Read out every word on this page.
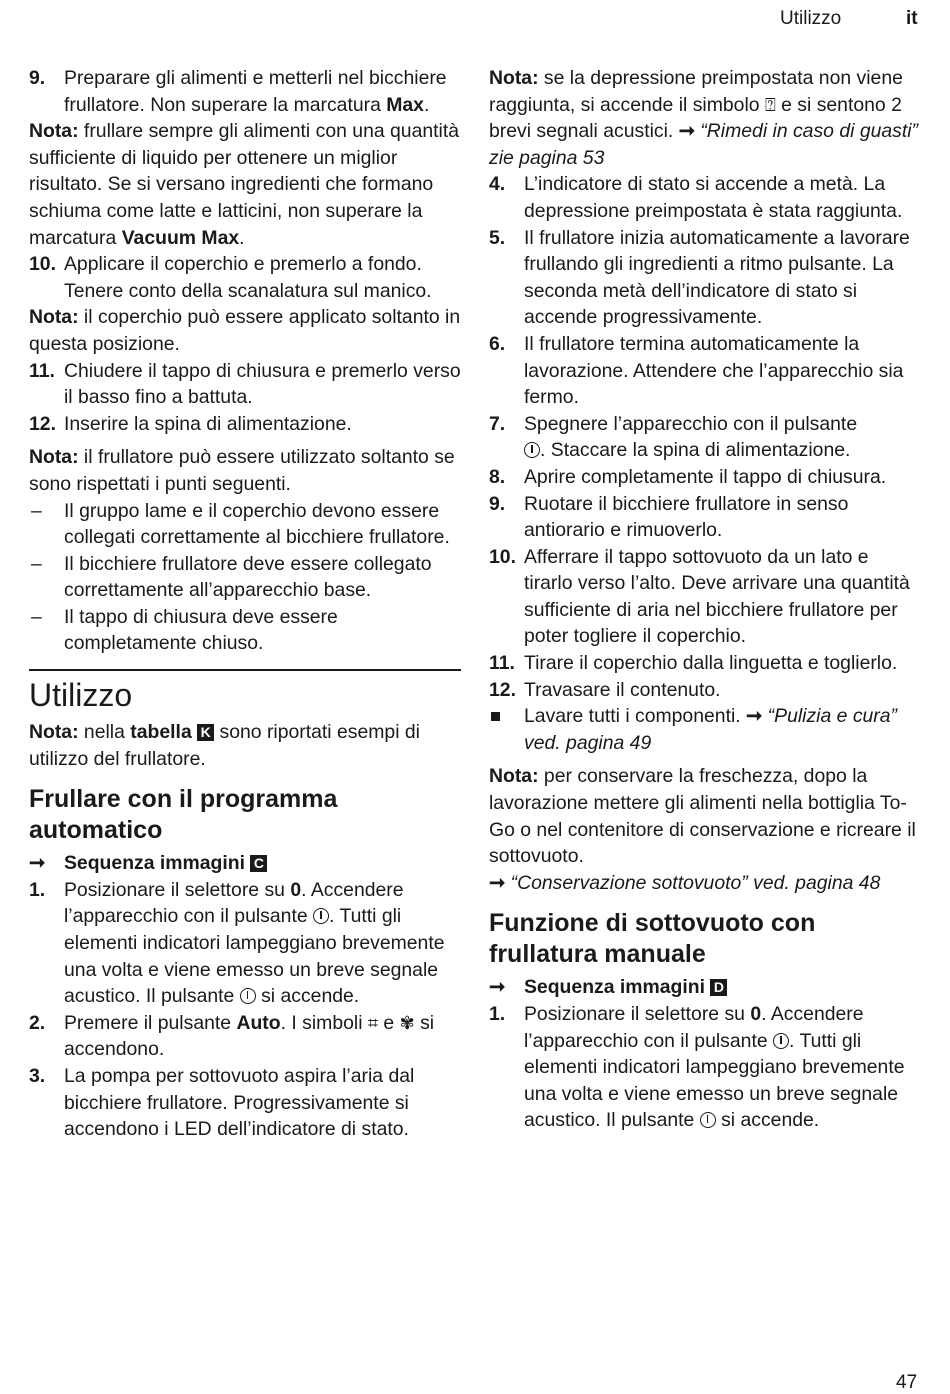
Utilizzo	it
9. Preparare gli alimenti e metterli nel bicchiere frullatore. Non superare la marcatura Max.

Nota: frullare sempre gli alimenti con una quantità sufficiente di liquido per ottenere un miglior risultato. Se si versano ingredienti che formano schiuma come latte e latticini, non superare la marcatura Vacuum Max.

10. Applicare il coperchio e premerlo a fondo. Tenere conto della scanalatura sul manico.

Nota: il coperchio può essere applicato soltanto in questa posizione.

11. Chiudere il tappo di chiusura e premerlo verso il basso fino a battuta.
12. Inserire la spina di alimentazione.

Nota: il frullatore può essere utilizzato soltanto se sono rispettati i punti seguenti.

– Il gruppo lame e il coperchio devono essere collegati correttamente al bicchiere frullatore.
– Il bicchiere frullatore deve essere collegato correttamente all’apparecchio base.
– Il tappo di chiusura deve essere completamente chiuso.
Utilizzo

Nota: nella tabella K sono riportati esempi di utilizzo del frullatore.

Frullare con il programma automatico
➞ Sequenza immagini C
1. Posizionare il selettore su 0. Accendere l’apparecchio con il pulsante . Tutti gli elementi indicatori lampeggiano brevemente una volta e viene emesso un breve segnale acustico. Il pulsante  si accende.
2. Premere il pulsante Auto. I simboli ⌗ e ✾ si accendono.
3. La pompa per sottovuoto aspira l’aria dal bicchiere frullatore. Progressivamente si accendono i LED dell’indicatore di stato.

Nota: se la depressione preimpostata non viene raggiunta, si accende il simbolo ⍰ e si sentono 2 brevi segnali acustici. ➞ “Rimedi in caso di guasti” zie pagina 53

4. L’indicatore di stato si accende a metà. La depressione preimpostata è stata raggiunta.
5. Il frullatore inizia automaticamente a lavorare frullando gli ingredienti a ritmo pulsante. La seconda metà dell’indicatore di stato si accende progressivamente.
6. Il frullatore termina automaticamente la lavorazione. Attendere che l’apparecchio sia fermo.
7. Spegnere l’apparecchio con il pulsante
. Staccare la spina di alimentazione.
8. Aprire completamente il tappo di chiusura.
9. Ruotare il bicchiere frullatore in senso antiorario e rimuoverlo.
10. Afferrare il tappo sottovuoto da un lato e tirarlo verso l’alto. Deve arrivare una quantità sufficiente di aria nel bicchiere frullatore per poter togliere il coperchio.
11. Tirare il coperchio dalla linguetta e toglierlo.
12. Travasare il contenuto.
Lavare tutti i componenti. ➞ “Pulizia e cura” ved. pagina 49

Nota: per conservare la freschezza, dopo la lavorazione mettere gli alimenti nella bottiglia To-Go o nel contenitore di conservazione e ricreare il sottovuoto.
➞ “Conservazione sottovuoto” ved. pagina 48

Funzione di sottovuoto con frullatura manuale
➞ Sequenza immagini D
1. Posizionare il selettore su 0. Accendere l’apparecchio con il pulsante . Tutti gli elementi indicatori lampeggiano brevemente una volta e viene emesso un breve segnale acustico. Il pulsante  si accende.
47
